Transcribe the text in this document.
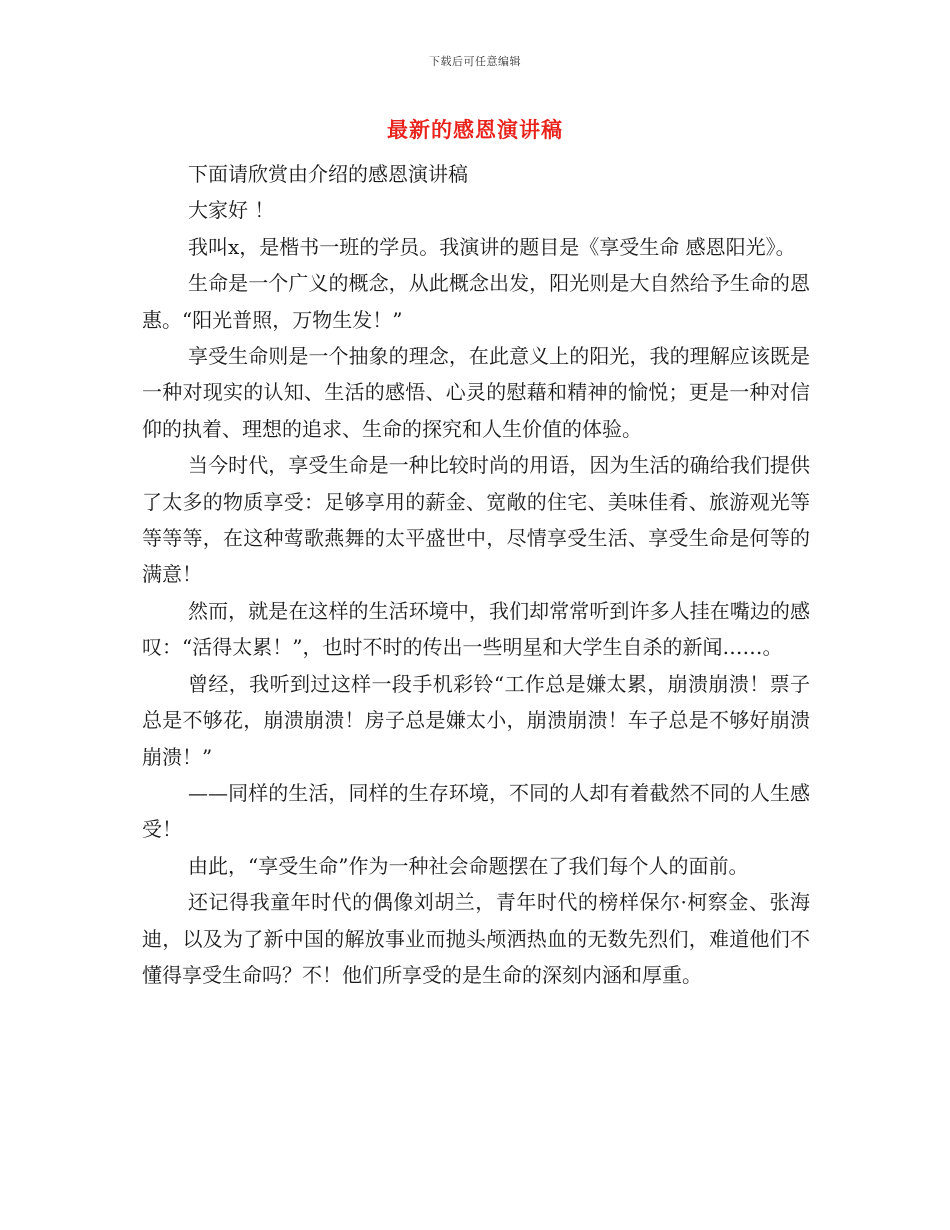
下载后可任意编辑
最新的感恩演讲稿

下面请欣赏由介绍的感恩演讲稿

大家好 ！

我叫x，是楷书一班的学员。我演讲的题目是《享受生命 感恩阳光》。

生命是一个广义的概念，从此概念出发，阳光则是大自然给予生命的恩惠。“阳光普照，万物生发！”

享受生命则是一个抽象的理念，在此意义上的阳光，我的理解应该既是一种对现实的认知、生活的感悟、心灵的慰藉和精神的愉悦；更是一种对信仰的执着、理想的追求、生命的探究和人生价值的体验。

当今时代，享受生命是一种比较时尚的用语，因为生活的确给我们提供了太多的物质享受：足够享用的薪金、宽敞的住宅、美味佳肴、旅游观光等等等等，在这种莺歌燕舞的太平盛世中，尽情享受生活、享受生命是何等的满意！

然而，就是在这样的生活环境中，我们却常常听到许多人挂在嘴边的感叹：“活得太累！”，也时不时的传出一些明星和大学生自杀的新闻……。

曾经，我听到过这样一段手机彩铃“工作总是嫌太累，崩溃崩溃！票子总是不够花，崩溃崩溃！房子总是嫌太小，崩溃崩溃！车子总是不够好崩溃崩溃！”

——同样的生活，同样的生存环境，不同的人却有着截然不同的人生感受！

由此，“享受生命”作为一种社会命题摆在了我们每个人的面前。

还记得我童年时代的偶像刘胡兰，青年时代的榜样保尔·柯察金、张海迪，以及为了新中国的解放事业而抛头颅洒热血的无数先烈们，难道他们不懂得享受生命吗？不！他们所享受的是生命的深刻内涵和厚重。
